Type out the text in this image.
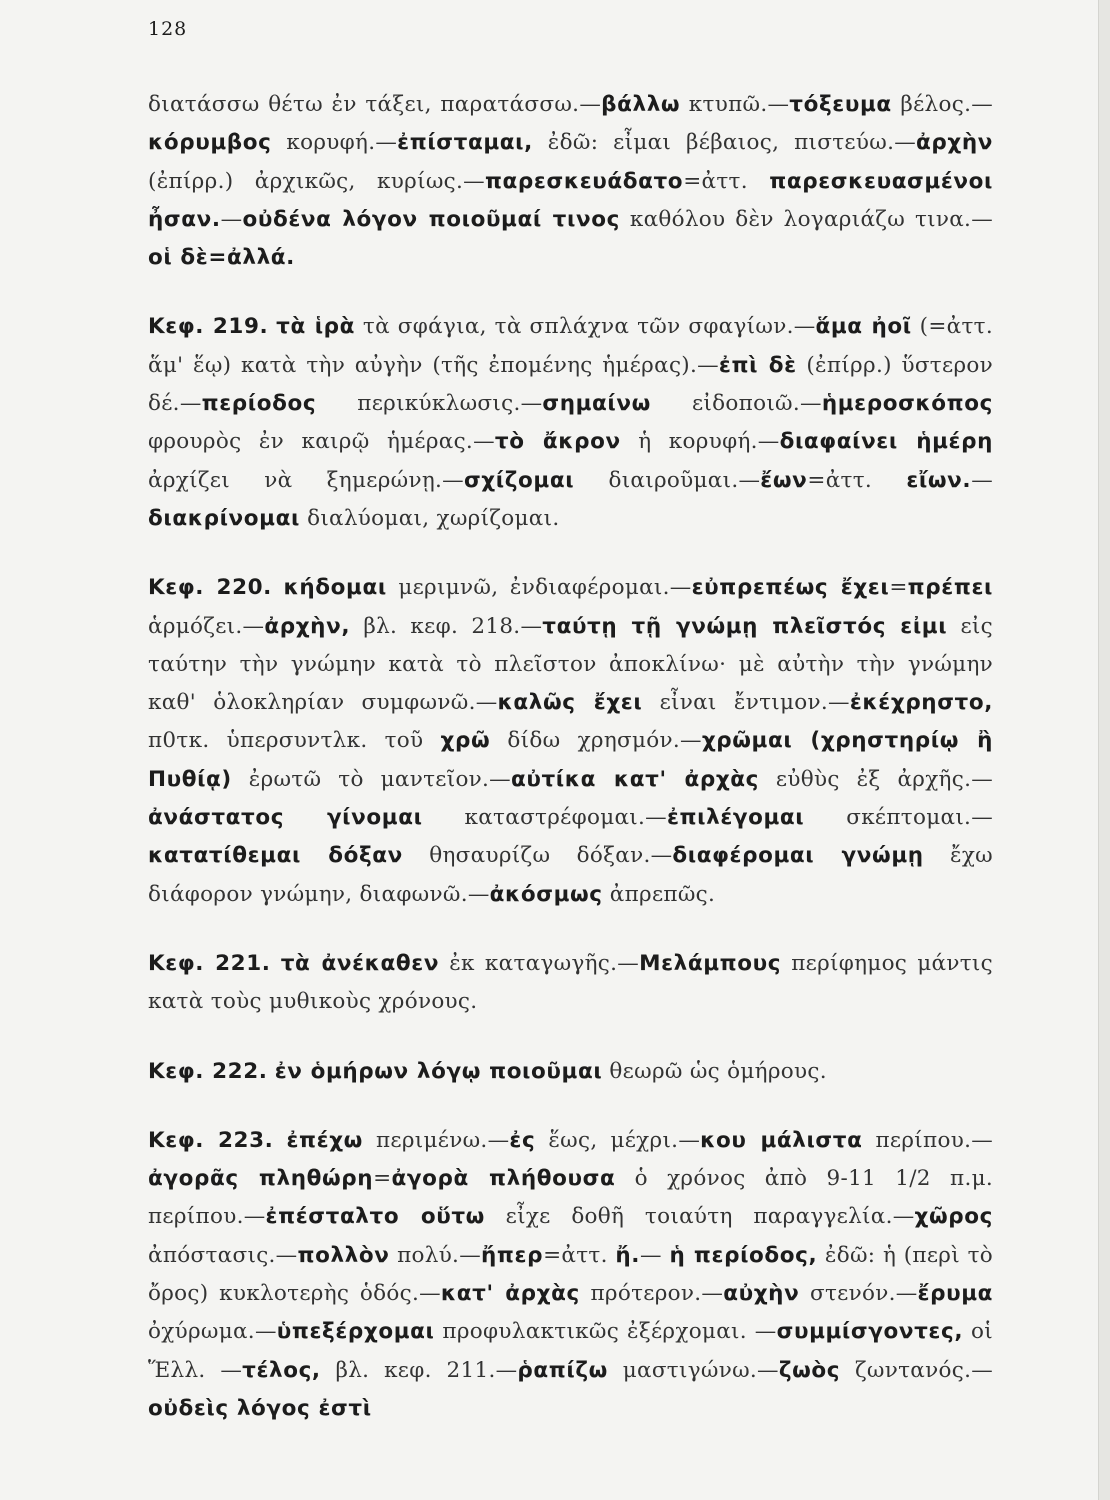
128

διατάσσω θέτω ἐν τάξει, παρατάσσω.—βάλλω κτυπῶ.—τόξευμα βέλος.—κόρυμβος κορυφή.—ἐπίσταμαι, ἐδῶ: εἶμαι βέβαιος, πιστεύω.—ἀρχὴν (ἐπίρρ.) ἀρχικῶς, κυρίως.—παρεσκευάδατο=ἀττ. παρεσκευασμένοι ἦσαν.—οὐδένα λόγον ποιοῦμαί τινος καθόλου δὲν λογαριάζω τινα.—οἱ δὲ=ἀλλά.

Κεφ. 219. τὰ ἱρὰ τὰ σφάγια, τὰ σπλάχνα τῶν σφαγίων.—ἅμα ἠοῖ (=ἀττ. ἅμ' ἕῳ) κατὰ τὴν αὐγὴν (τῆς ἐπομένης ἡμέρας).—ἐπὶ δὲ (ἐπίρρ.) ὕστερον δέ.—περίοδος περικύκλωσις.—σημαίνω εἰδοποιῶ.—ἡμεροσκόπος φρουρὸς ἐν καιρῷ ἡμέρας.—τὸ ἄκρον ἡ κορυφή.—διαφαίνει ἡμέρη ἀρχίζει νὰ ξημερώνῃ.—σχίζομαι διαιροῦμαι.—ἔων=ἀττ. εἴων.—διακρίνομαι διαλύομαι, χωρίζομαι.

Κεφ. 220. κήδομαι μεριμνῶ, ἐνδιαφέρομαι.—εὐπρεπέως ἔχει=πρέπει ἁρμόζει.—ἀρχὴν, βλ. κεφ. 218.—ταύτῃ τῇ γνώμῃ πλεῖστός εἰμι εἰς ταύτην τὴν γνώμην κατὰ τὸ πλεῖστον ἀποκλίνω· μὲ αὐτὴν τὴν γνώμην καθ' ὁλοκληρίαν συμφωνῶ.—καλῶς ἔχει εἶναι ἔντιμον.—ἐκέχρηστο, π0τκ. ὑπερσυντλκ. τοῦ χρῶ δίδω χρησμόν.—χρῶμαι (χρηστηρίῳ ἢ Πυθίᾳ) ἐρωτῶ τὸ μαντεῖον.—αὐτίκα κατ' ἀρχὰς εὐθὺς ἐξ ἀρχῆς.—ἀνάστατος γίνομαι καταστρέφομαι.—ἐπιλέγομαι σκέπτομαι.—κατατίθεμαι δόξαν θησαυρίζω δόξαν.—διαφέρομαι γνώμῃ ἔχω διάφορον γνώμην, διαφωνῶ.—ἀκόσμως ἀπρεπῶς.

Κεφ. 221. τὰ ἀνέκαθεν ἐκ καταγωγῆς.—Μελάμπους περίφημος μάντις κατὰ τοὺς μυθικοὺς χρόνους.

Κεφ. 222. ἐν ὁμήρων λόγῳ ποιοῦμαι θεωρῶ ὡς ὁμήρους.

Κεφ. 223. ἐπέχω περιμένω.—ἐς ἕως, μέχρι.—κου μάλιστα περίπου.—ἀγορᾶς πληθώρη=ἀγορὰ πλήθουσα ὁ χρόνος ἀπὸ 9-11 1/2 π.μ. περίπου.—ἐπέσταλτο οὕτω εἶχε δοθῆ τοιαύτη παραγγελία.—χῶρος ἀπόστασις.—πολλὸν πολύ.—ἤπερ=ἀττ. ἤ.— ἡ περίοδος, ἐδῶ: ἡ (περὶ τὸ ὄρος) κυκλοτερὴς ὁδός.—κατ' ἀρχὰς πρότερον.—αὐχὴν στενόν.—ἔρυμα ὀχύρωμα.—ὑπεξέρχομαι προφυλακτικῶς ἐξέρχομαι. —συμμίσγοντες, οἱ Ἕλλ. —τέλος, βλ. κεφ. 211.—ῥαπίζω μαστιγώνω.—ζωὸς ζωντανός.—οὐδεὶς λόγος ἐστὶ
